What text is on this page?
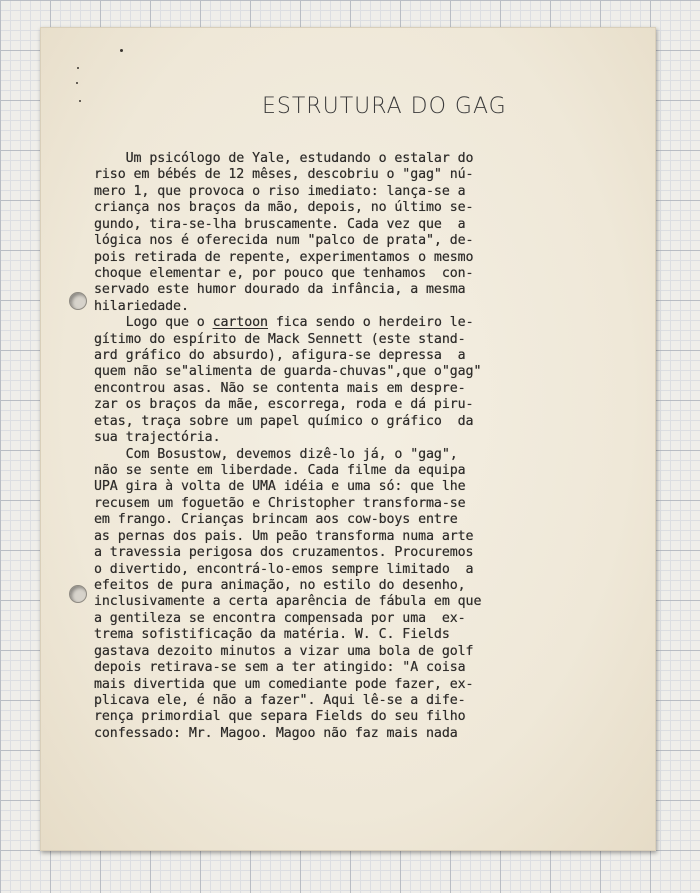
ESTRUTURA DO GAG
Um psicólogo de Yale, estudando o estalar do
riso em bébés de 12 mêses, descobriu o "gag" nú-
mero 1, que provoca o riso imediato: lança-se a
criança nos braços da mão, depois, no último se-
gundo, tira-se-lha bruscamente. Cada vez que  a
lógica nos é oferecida num "palco de prata", de-
pois retirada de repente, experimentamos o mesmo
choque elementar e, por pouco que tenhamos  con-
servado este humor dourado da infância, a mesma
hilariedade.
Logo que o cartoon fica sendo o herdeiro le-
gítimo do espírito de Mack Sennett (este stand-
ard gráfico do absurdo), afigura-se depressa  a
quem não se"alimenta de guarda-chuvas",que o"gag"
encontrou asas. Não se contenta mais em despre-
zar os braços da mãe, escorrega, roda e dá piru-
etas, traça sobre um papel químico o gráfico  da
sua trajectória.
Com Bosustow, devemos dizê-lo já, o "gag",
não se sente em liberdade. Cada filme da equipa
UPA gira à volta de UMA idéia e uma só: que lhe
recusem um foguetão e Christopher transforma-se
em frango. Crianças brincam aos cow-boys entre
as pernas dos pais. Um peão transforma numa arte
a travessia perigosa dos cruzamentos. Procuremos
o divertido, encontrá-lo-emos sempre limitado  a
efeitos de pura animação, no estilo do desenho,
inclusivamente a certa aparência de fábula em que
a gentileza se encontra compensada por uma  ex-
trema sofistificação da matéria. W. C. Fields
gastava dezoito minutos a vizar uma bola de golf
depois retirava-se sem a ter atingido: "A coisa
mais divertida que um comediante pode fazer, ex-
plicava ele, é não a fazer". Aqui lê-se a dife-
rença primordial que separa Fields do seu filho
confessado: Mr. Magoo. Magoo não faz mais nada
